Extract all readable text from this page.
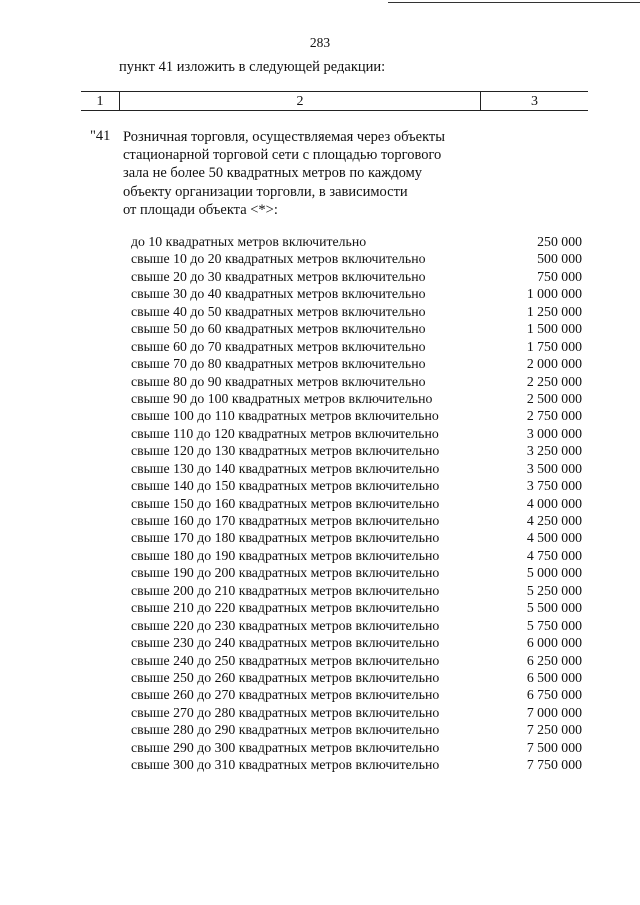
283
пункт 41 изложить в следующей редакции:
1	2	3
"41 Розничная торговля, осуществляемая через объекты
стационарной торговой сети с площадью торгового
зала не более 50 квадратных метров по каждому
объекту организации торговли, в зависимости
от площади объекта <*>:
до 10 квадратных метров включительно	250 000
свыше 10 до 20 квадратных метров включительно	500 000
свыше 20 до 30 квадратных метров включительно	750 000
свыше 30 до 40 квадратных метров включительно	1 000 000
свыше 40 до 50 квадратных метров включительно	1 250 000
свыше 50 до 60 квадратных метров включительно	1 500 000
свыше 60 до 70 квадратных метров включительно	1 750 000
свыше 70 до 80 квадратных метров включительно	2 000 000
свыше 80 до 90 квадратных метров включительно	2 250 000
свыше 90 до 100 квадратных метров включительно	2 500 000
свыше 100 до 110 квадратных метров включительно	2 750 000
свыше 110 до 120 квадратных метров включительно	3 000 000
свыше 120 до 130 квадратных метров включительно	3 250 000
свыше 130 до 140 квадратных метров включительно	3 500 000
свыше 140 до 150 квадратных метров включительно	3 750 000
свыше 150 до 160 квадратных метров включительно	4 000 000
свыше 160 до 170 квадратных метров включительно	4 250 000
свыше 170 до 180 квадратных метров включительно	4 500 000
свыше 180 до 190 квадратных метров включительно	4 750 000
свыше 190 до 200 квадратных метров включительно	5 000 000
свыше 200 до 210 квадратных метров включительно	5 250 000
свыше 210 до 220 квадратных метров включительно	5 500 000
свыше 220 до 230 квадратных метров включительно	5 750 000
свыше 230 до 240 квадратных метров включительно	6 000 000
свыше 240 до 250 квадратных метров включительно	6 250 000
свыше 250 до 260 квадратных метров включительно	6 500 000
свыше 260 до 270 квадратных метров включительно	6 750 000
свыше 270 до 280 квадратных метров включительно	7 000 000
свыше 280 до 290 квадратных метров включительно	7 250 000
свыше 290 до 300 квадратных метров включительно	7 500 000
свыше 300 до 310 квадратных метров включительно	7 750 000
